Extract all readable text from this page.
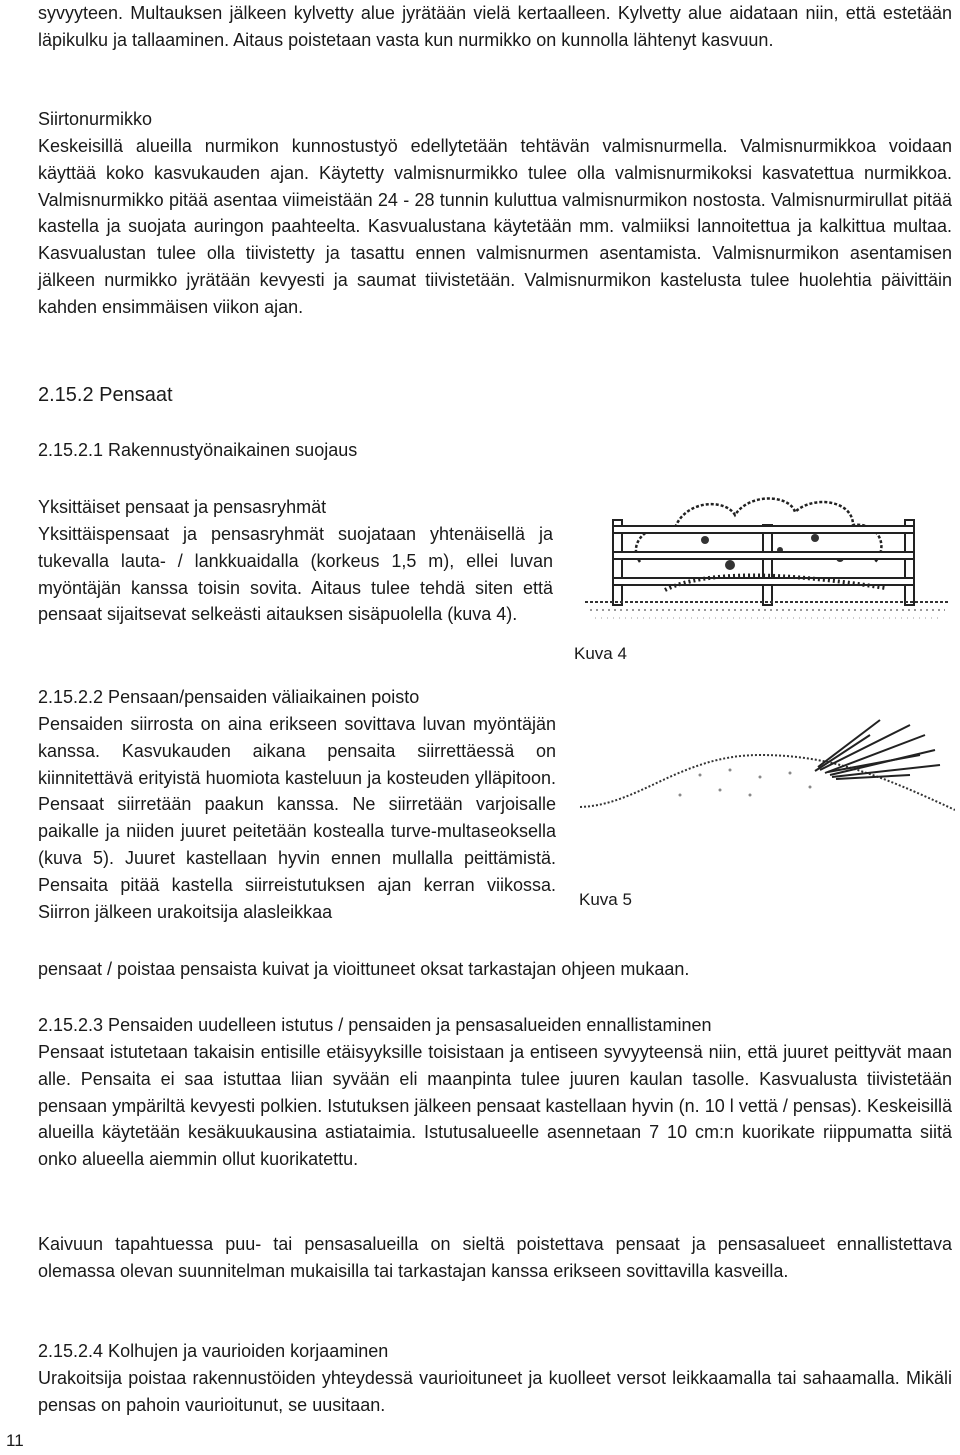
syvyyteen. Multauksen jälkeen kylvetty alue jyrätään vielä kertaalleen. Kylvetty alue aidataan niin, että estetään läpikulku ja tallaaminen. Aitaus poistetaan vasta kun nurmikko on kunnolla lähtenyt kasvuun.

Siirtonurmikko

Keskeisillä alueilla nurmikon kunnostustyö edellytetään tehtävän valmisnurmella. Valmisnurmikkoa voidaan käyttää koko kasvukauden ajan. Käytetty valmisnurmikko tulee olla valmisnurmikoksi kasvatettua nurmikkoa. Valmisnurmikko pitää asentaa viimeistään 24 - 28 tunnin kuluttua valmisnurmikon nostosta. Valmisnurmirullat pitää kastella ja suojata auringon paahteelta. Kasvualustana käytetään mm. valmiiksi lannoitettua ja kalkittua multaa. Kasvualustan tulee olla tiivistetty ja tasattu ennen valmisnurmen asentamista. Valmisnurmikon asentamisen jälkeen nurmikko jyrätään kevyesti ja saumat tiivistetään. Valmisnurmikon kastelusta tulee huolehtia päivittäin kahden ensimmäisen viikon ajan.

2.15.2 Pensaat

2.15.2.1 Rakennustyönaikainen suojaus

Yksittäiset pensaat ja pensasryhmät

Yksittäispensaat ja pensasryhmät suojataan yhtenäisellä ja tukevalla lauta- / lankkuaidalla (korkeus 1,5 m), ellei luvan myöntäjän kanssa toisin sovita. Aitaus tulee tehdä siten että pensaat sijaitsevat selkeästi aitauksen sisäpuolella (kuva 4).

Kuva 4

2.15.2.2 Pensaan/pensaiden väliaikainen poisto

Pensaiden siirrosta on aina erikseen sovittava luvan myöntäjän kanssa. Kasvukauden aikana pensaita siirrettäessä on kiinnitettävä erityistä huomiota kasteluun ja kosteuden ylläpitoon. Pensaat siirretään paakun kanssa. Ne siirretään varjoisalle paikalle ja niiden juuret peitetään kostealla turve-multaseoksella (kuva 5). Juuret kastellaan hyvin ennen mullalla peittämistä. Pensaita pitää kastella siirreistutuksen ajan kerran viikossa. Siirron jälkeen urakoitsija alasleikkaa

pensaat / poistaa pensaista kuivat ja vioittuneet oksat tarkastajan ohjeen mukaan.

Kuva 5

2.15.2.3 Pensaiden uudelleen istutus / pensaiden ja pensasalueiden ennallistaminen

Pensaat istutetaan takaisin entisille etäisyyksille toisistaan ja entiseen syvyyteensä niin, että juuret peittyvät maan alle. Pensaita ei saa istuttaa liian syvään eli maanpinta tulee juuren kaulan tasolle. Kasvualusta tiivistetään pensaan ympäriltä kevyesti polkien. Istutuksen jälkeen pensaat kastellaan hyvin (n. 10 l vettä / pensas). Keskeisillä alueilla käytetään kesäkuukausina astiataimia. Istutusalueelle asennetaan 7 10 cm:n kuorikate riippumatta siitä onko alueella aiemmin ollut kuorikatettu.

Kaivuun tapahtuessa puu- tai pensasalueilla on sieltä poistettava pensaat ja pensasalueet ennallistettava olemassa olevan suunnitelman mukaisilla tai tarkastajan kanssa erikseen sovittavilla kasveilla.

2.15.2.4 Kolhujen ja vaurioiden korjaaminen

Urakoitsija poistaa rakennustöiden yhteydessä vaurioituneet ja kuolleet versot leikkaamalla tai sahaamalla. Mikäli pensas on pahoin vaurioitunut, se uusitaan.

11
